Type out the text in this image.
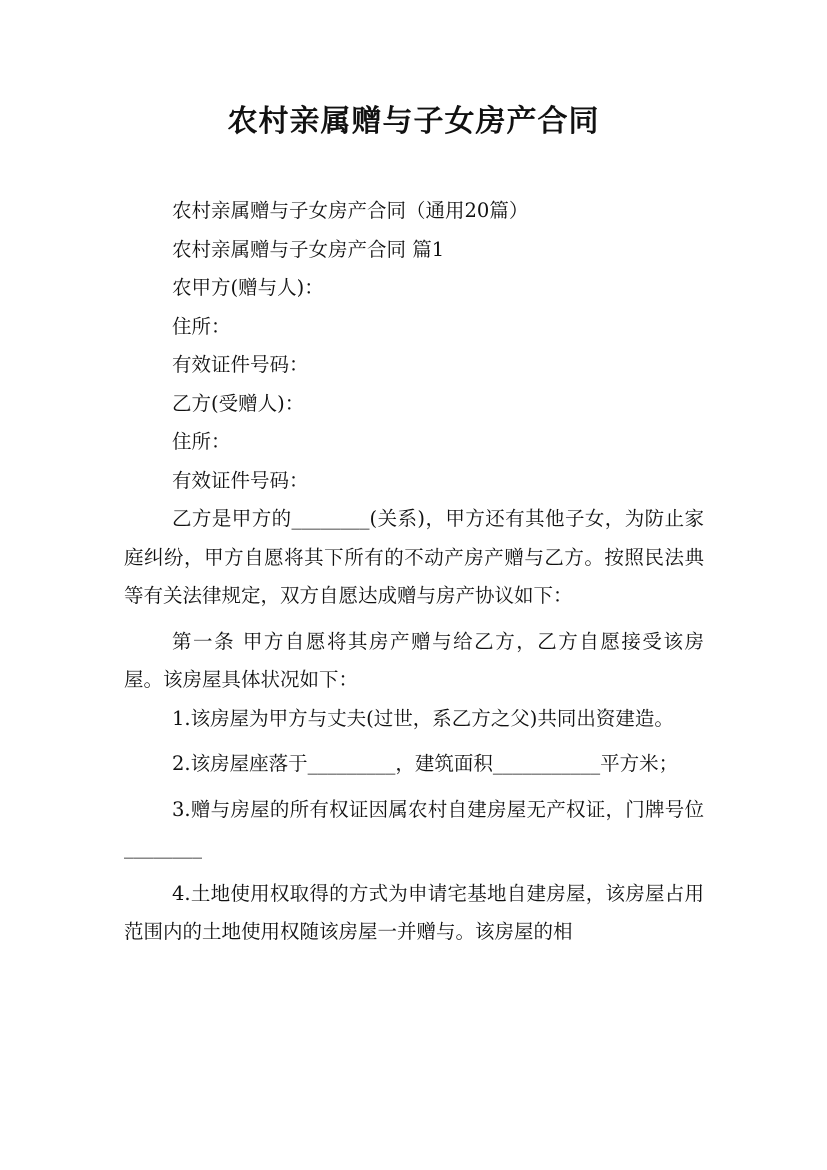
农村亲属赠与子女房产合同

农村亲属赠与子女房产合同（通用20篇）

农村亲属赠与子女房产合同 篇1

农甲方(赠与人)：

住所：

有效证件号码：

乙方(受赠人)：

住所：

有效证件号码：

乙方是甲方的________(关系)，甲方还有其他子女，为防止家庭纠纷，甲方自愿将其下所有的不动产房产赠与乙方。按照民法典等有关法律规定，双方自愿达成赠与房产协议如下：

第一条 甲方自愿将其房产赠与给乙方，乙方自愿接受该房屋。该房屋具体状况如下：

1.该房屋为甲方与丈夫(过世，系乙方之父)共同出资建造。

2.该房屋座落于_________，建筑面积___________平方米；

3.赠与房屋的所有权证因属农村自建房屋无产权证，门牌号位________

4.土地使用权取得的方式为申请宅基地自建房屋，该房屋占用范围内的土地使用权随该房屋一并赠与。该房屋的相
